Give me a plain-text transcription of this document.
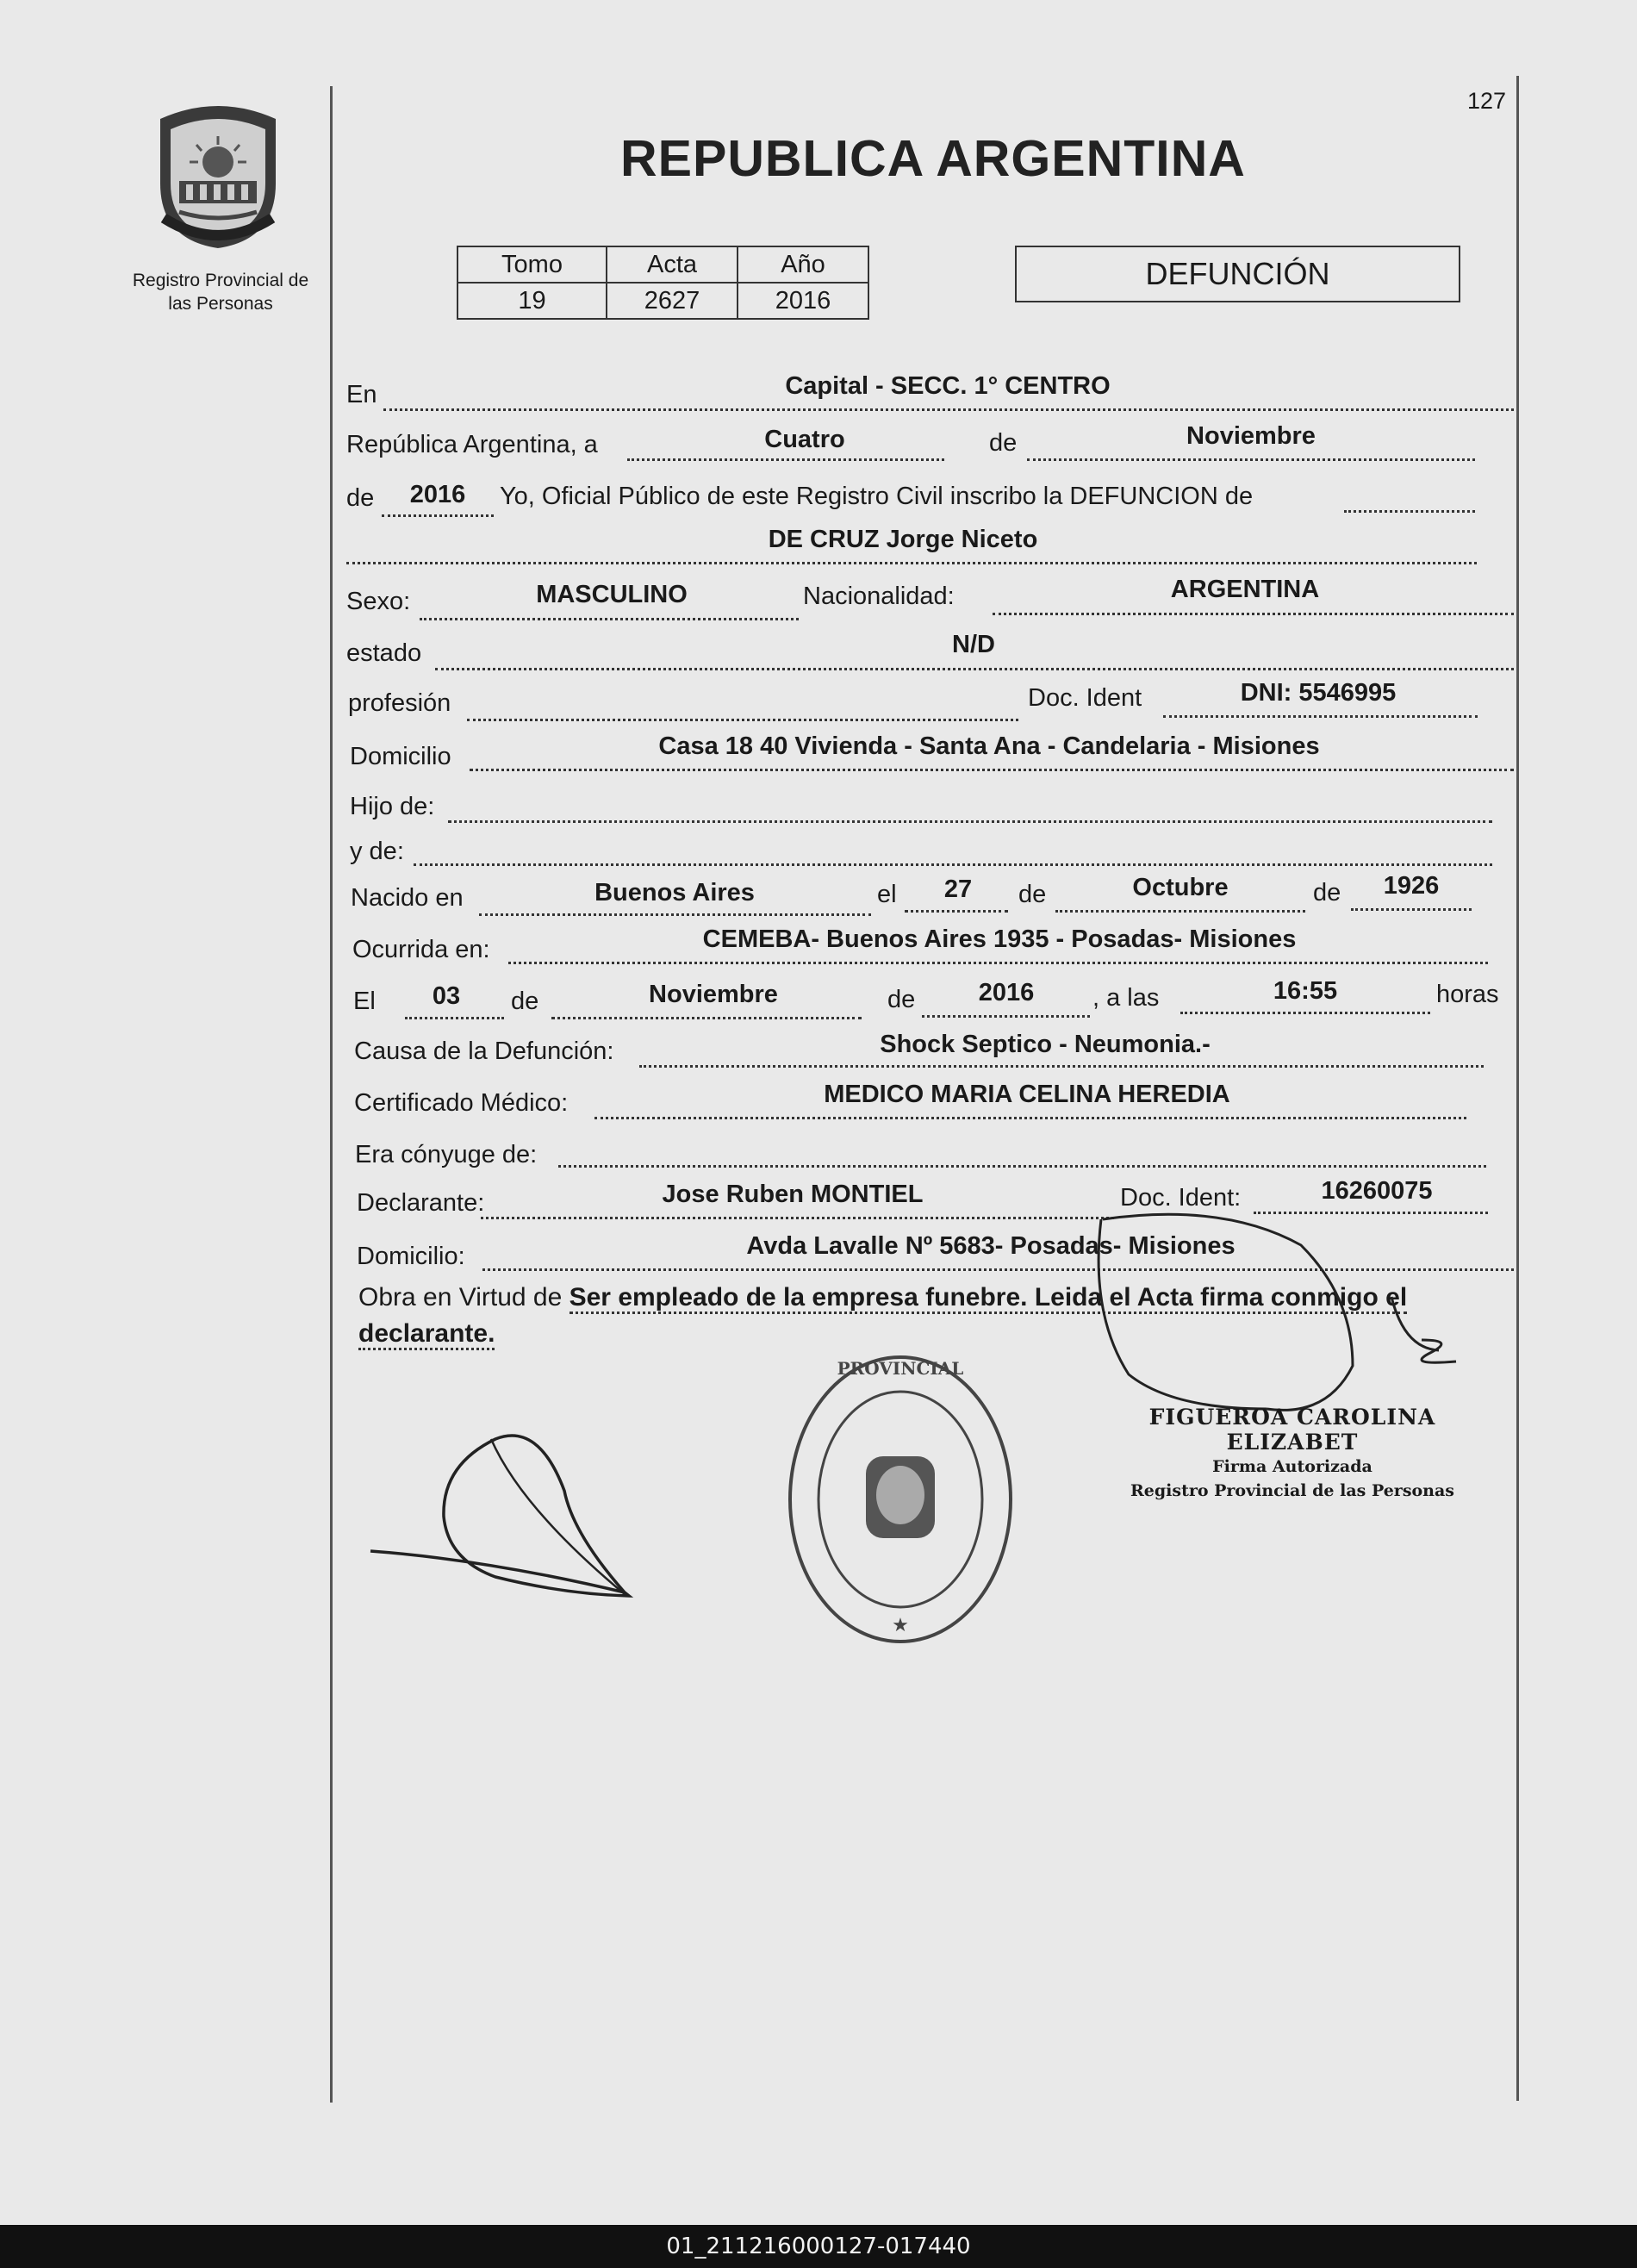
127
Registro Provincial de
las Personas
REPUBLICA ARGENTINA
Tomo	Acta	Año
19	2627	2016
DEFUNCIÓN
En	Capital - SECC. 1° CENTRO
República Argentina, a	Cuatro	de	Noviembre
de 2016 Yo, Oficial Público de este Registro Civil inscribo la DEFUNCION de
DE CRUZ Jorge Niceto
Sexo:	MASCULINO	Nacionalidad:	ARGENTINA
estado	N/D
profesión	Doc. Ident	DNI: 5546995
Domicilio	Casa 18 40 Vivienda - Santa Ana - Candelaria - Misiones
Hijo de:
y de:
Nacido en	Buenos Aires	el 27 de	Octubre	de 1926
Ocurrida en:	CEMEBA- Buenos Aires 1935 - Posadas- Misiones
El 03 de	Noviembre	de	2016 , a las	16:55	horas
Causa de la Defunción:	Shock Septico - Neumonia.-
Certificado Médico:	MEDICO MARIA CELINA HEREDIA
Era cónyuge de:
Declarante:	Jose Ruben MONTIEL	Doc. Ident:	16260075
Domicilio:	Avda Lavalle Nº 5683- Posadas- Misiones
Obra en Virtud de Ser empleado de la empresa funebre. Leida el Acta firma conmigo el declarante.
PROVINCIAL
★
FIGUEROA CAROLINA ELIZABET
Firma Autorizada
Registro Provincial de las Personas
01_211216000127-017440
